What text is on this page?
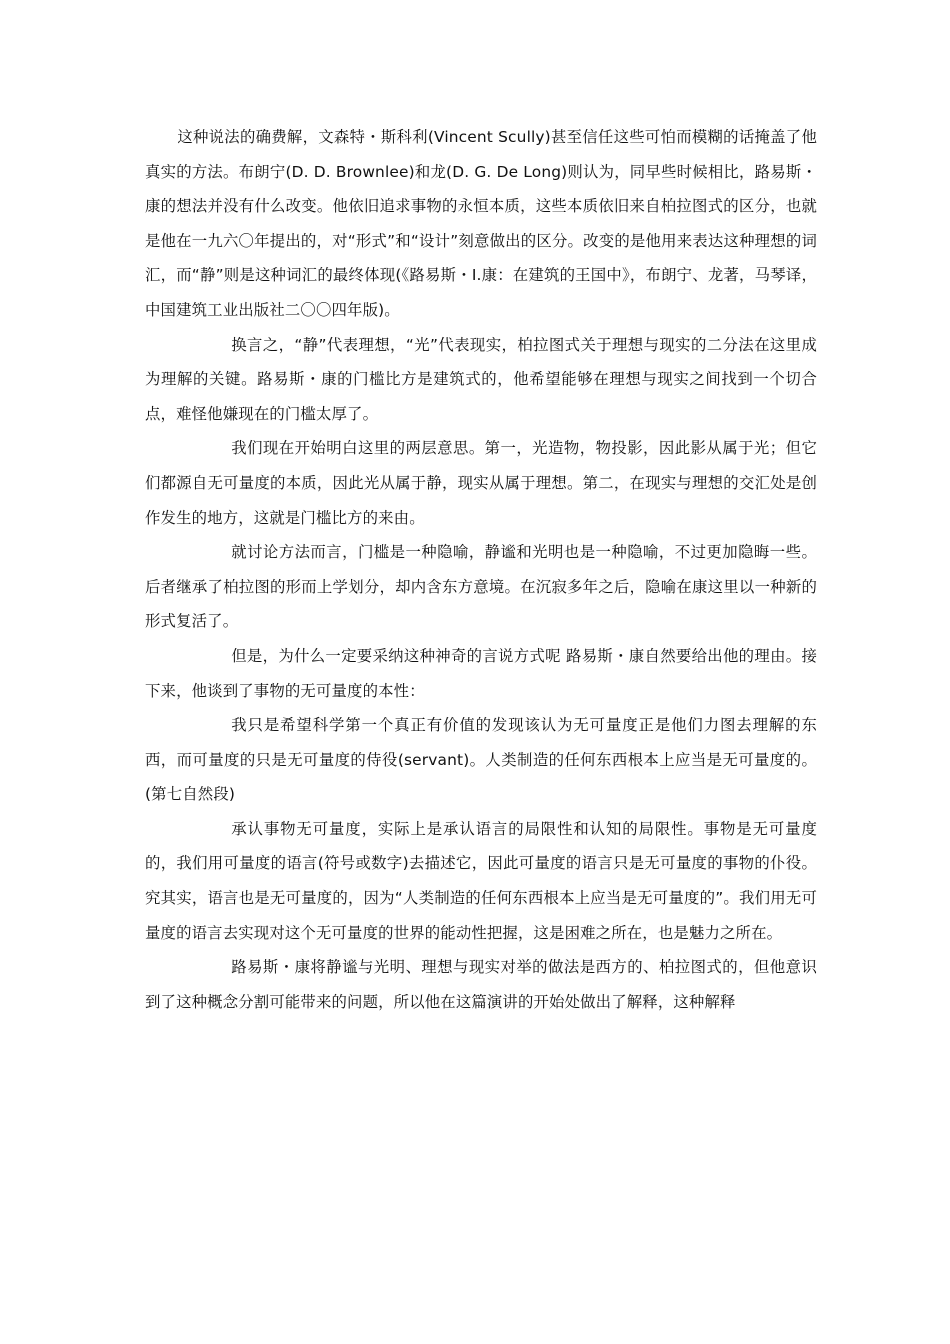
这种说法的确费解，文森特・斯科利(Vincent Scully)甚至信任这些可怕而模糊的话掩盖了他真实的方法。布朗宁(D. D. Brownlee)和龙(D. G. De Long)则认为，同早些时候相比，路易斯・康的想法并没有什么改变。他依旧追求事物的永恒本质，这些本质依旧来自柏拉图式的区分，也就是他在一九六〇年提出的，对“形式”和“设计”刻意做出的区分。改变的是他用来表达这种理想的词汇，而“静”则是这种词汇的最终体现(《路易斯・I.康：在建筑的王国中》，布朗宁、龙著，马琴译，中国建筑工业出版社二〇〇四年版)。

换言之，“静”代表理想，“光”代表现实，柏拉图式关于理想与现实的二分法在这里成为理解的关键。路易斯・康的门槛比方是建筑式的，他希望能够在理想与现实之间找到一个切合点，难怪他嫌现在的门槛太厚了。

我们现在开始明白这里的两层意思。第一，光造物，物投影，因此影从属于光；但它们都源自无可量度的本质，因此光从属于静，现实从属于理想。第二，在现实与理想的交汇处是创作发生的地方，这就是门槛比方的来由。

就讨论方法而言，门槛是一种隐喻，静谧和光明也是一种隐喻，不过更加隐晦一些。后者继承了柏拉图的形而上学划分，却内含东方意境。在沉寂多年之后，隐喻在康这里以一种新的形式复活了。

但是，为什么一定要采纳这种神奇的言说方式呢 路易斯・康自然要给出他的理由。接下来，他谈到了事物的无可量度的本性：

我只是希望科学第一个真正有价值的发现该认为无可量度正是他们力图去理解的东西，而可量度的只是无可量度的侍役(servant)。人类制造的任何东西根本上应当是无可量度的。(第七自然段)

承认事物无可量度，实际上是承认语言的局限性和认知的局限性。事物是无可量度的，我们用可量度的语言(符号或数字)去描述它，因此可量度的语言只是无可量度的事物的仆役。究其实，语言也是无可量度的，因为“人类制造的任何东西根本上应当是无可量度的”。我们用无可量度的语言去实现对这个无可量度的世界的能动性把握，这是困难之所在，也是魅力之所在。

路易斯・康将静谧与光明、理想与现实对举的做法是西方的、柏拉图式的，但他意识到了这种概念分割可能带来的问题，所以他在这篇演讲的开始处做出了解释，这种解释
